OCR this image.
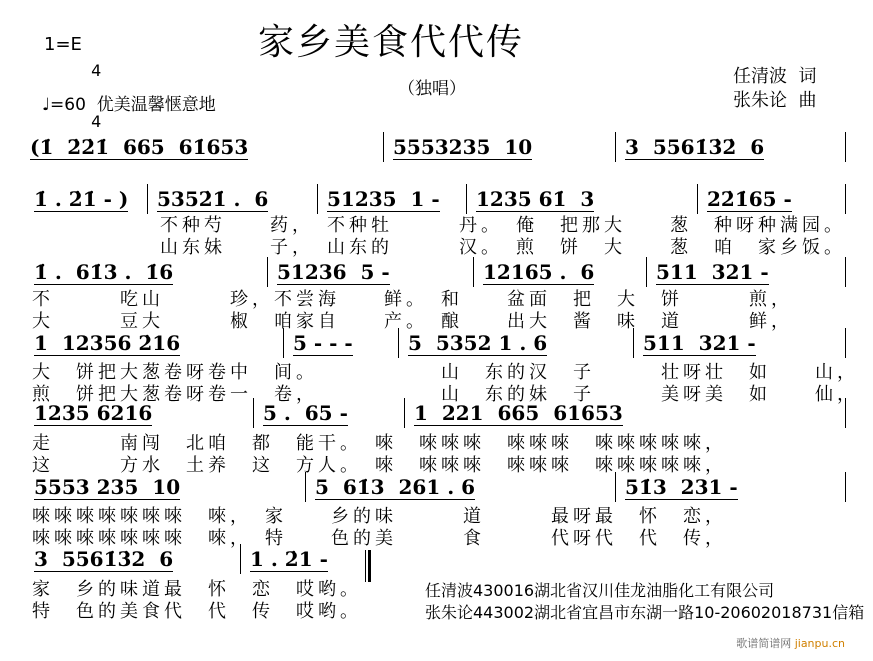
家乡美食代代传
（独唱）
1=E

4

4

♩=60  优美温馨惬意地
任清波  词
张朱论  曲
(1̇  2̇2̇1̇  665  61̇653	5553235  10	3  5561̇3̇2̇  6
1̇ . 2̇1̇ - ) 5352̇1̇ .  6	51235  1 - 1235 61̇  3	22̇1̇65 -
1̇ .  61̇3 .  1̇6	51236  5 -	12165 .  6	511  321 -
1  12356 2̇16	5 - - -	5  5352 1 . 6	511  321 -
1235 6216	5 .  65 -	1  221  665  61653
5553 235  10	5  61̇3  261 . 6	51̇3  231 -
3  5561̇3̇2  6	1 . 2̇1 -
不种芍　　药，　不种牡　　　丹。　俺　把那大　　葱　种呀种满园。
山东妹　　子，　山东的　　　汉。　煎　饼　大　　葱　咱　家乡饭。
不　　　吃山　　　珍，不尝海　　鲜。　和　　盆面　把　大　饼　　　煎，
大　　　豆大　　　椒　咱家自　　产。　酿　　出大　酱　味　道　　　鲜，
大　饼把大葱卷呀卷中　间。　　　　　　山　东的汉　子　　　壮呀壮　如　　山，
煎　饼把大葱卷呀卷一　卷，　　　　　　山　东的妹　子　　　美呀美　如　　仙，
走　　　南闯　北咱　都　能干。　唻　唻唻唻　唻唻唻　唻唻唻唻唻，
这　　　方水　土养　这　方人。　唻　唻唻唻　唻唻唻　唻唻唻唻唻，
唻唻唻唻唻唻唻　唻，　家　　乡的味　　　道　　　最呀最　怀　恋，
唻唻唻唻唻唻唻　唻，　特　　色的美　　　食　　　代呀代　代　传，
家　乡的味道最　怀　恋　哎哟。
特　色的美食代　代　传　哎哟。
任清波430016湖北省汉川佳龙油脂化工有限公司
张朱论443002湖北省宜昌市东湖一路10-20602018731信箱
歌谱简谱网 jianpu.cn
